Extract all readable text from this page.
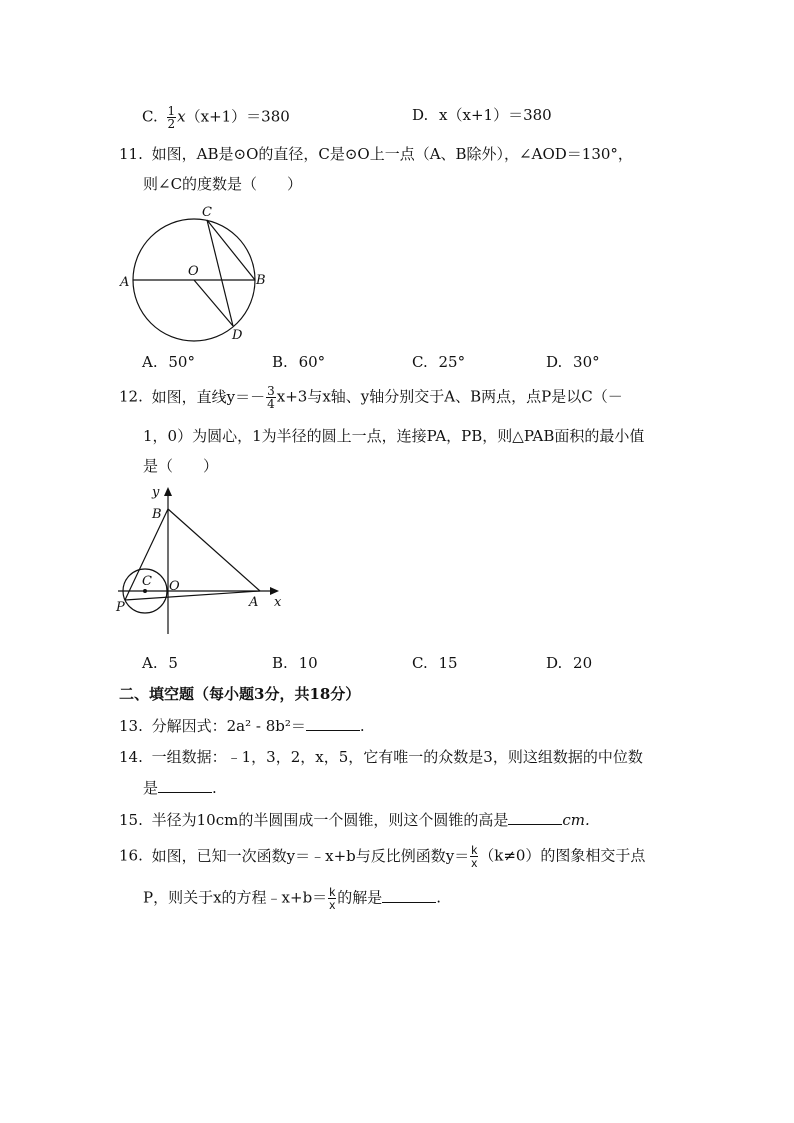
C. $\frac{1}{2} x(x+1)=380$	D. x（x+1）＝380
11. 如图，AB是⊙O的直径，C是⊙O上一点（A、B除外），∠AOD＝130°，
则∠C的度数是（　　）
C
A
O
B
D
A. 50°	B. 60°	C. 25°	D. 30°
12. 如图，直线$y=- \frac{3}{4} x+3$与x轴、y轴分别交于A、B两点，点P是以C（－
1，0）为圆心，1为半径的圆上一点，连接PA，PB，则△PAB面积的最小值
是（　　）
y
B
C O
A x
P
A. 5	B. 10	C. 15	D. 20
二、填空题（每小题3分，共18分）
13. 分解因式：2a² - 8b²＝	.
14. 一组数据：﹣1，3，2，x，5，它有唯一的众数是3，则这组数据的中位数
是	.
15. 半径为10cm的半圆围成一个圆锥，则这个圆锥的高是	cm.
16. 如图，已知一次函数y＝﹣x+b与反比例函数$y= \frac{k}{x} (k\ne 0)$的图象相交于点
P，则关于x的方程﹣x+b＝ $\frac{k}{x}$ 的解是	.
